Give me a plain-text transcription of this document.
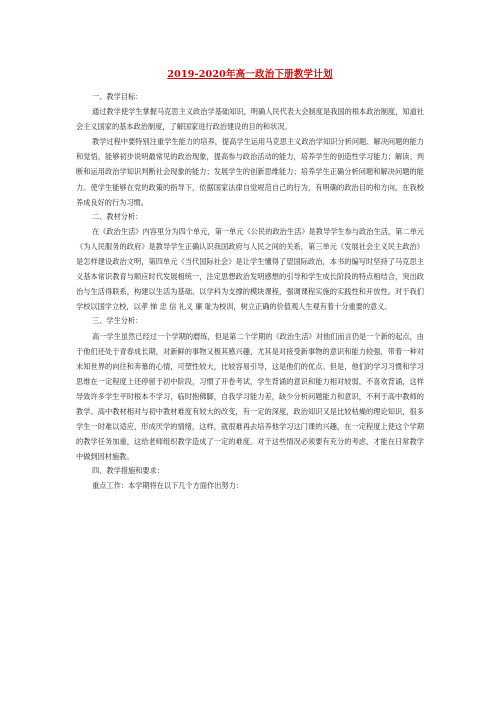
2019-2020年高一政治下册教学计划

一、教学目标：

通过教学使学生掌握马克思主义政治学基础知识，明确人民代表大会制度是我国的根本政治制度，知道社会主义国家的基本政治制度，了解国家进行政治建设的目的和状况。

教学过程中要特别注重学生能力的培养，提高学生运用马克思主义政治学知识分析问题、解决问题的能力和觉悟，能够初步说明最常见的政治现象，提高参与政治活动的能力，培养学生的创造性学习能力；解读、判断和运用政治学知识判断社会现象的能力；发展学生的创新思维能力；培养学生正确分析问题和解决问题的能力。使学生能够在党的政策的指导下，依据国家法律自觉规范自己的行为，有明确的政治目的和方向，在我校养成良好的行为习惯。

二、教材分析：

在《政治生活》内容里分为四个单元，第一单元《公民的政治生活》是教导学生参与政治生活，第二单元《为人民服务的政府》是教导学生正确认识我国政府与人民之间的关系，第三单元《发展社会主义民主政治》是怎样建设政治文明，第四单元《当代国际社会》是让学生懂得了望国际政治，本书的编写时坚持了马克思主义基本常识教育与顺应时代发展相统一，注定思想政治发明感想的引导和学生成长阶段的特点相结合，突出政治与生活得联系，构建以生活为基础、以学科为支撑的模块课程，强调课程实施的实践性和开放性。对于我们学校以国学立校，以孝 悌 忠 信 礼义 廉 耻为校训，树立正确的价值观人生观有着十分重要的意义。

三、学生分析：

高一学生虽然已经过一个学期的磨练，但是第二个学期的《政治生活》对他们而言仍是一个新的起点，由于他们还处于青春成长期，对新鲜的事物又极其感兴趣，尤其是对接受新事物的意识和能力较强，带着一种对未知世界的向往和奔慕的心情，可塑性较大，比较容易引导，这是他们的优点。但是，他们的学习习惯和学习思维在一定程度上还停留于初中阶段，习惯了开卷考试，学生背诵的意识和能力相对较弱，不喜欢背诵，这样导致许多学生平时根本不学习，临时抱佛脚，自我学习能力差，缺少分析问题能力和意识，不利于高中教师的教学。高中教材相对与初中教材难度有较大的改变，有一定的深度，政治知识又是比较枯燥的理论知识，很多学生一时难以适应，形成厌学的情绪，这样，就很难再去培养他学习这门课的兴趣，在一定程度上使这个学期的教学任务加重，这给老师组织教学造成了一定的难度。对于这些情况必须要有充分的考虑，才能在日常教学中做到因材施教。

四、教学措施和要求：

重点工作：本学期将在以下几个方面作出努力：
